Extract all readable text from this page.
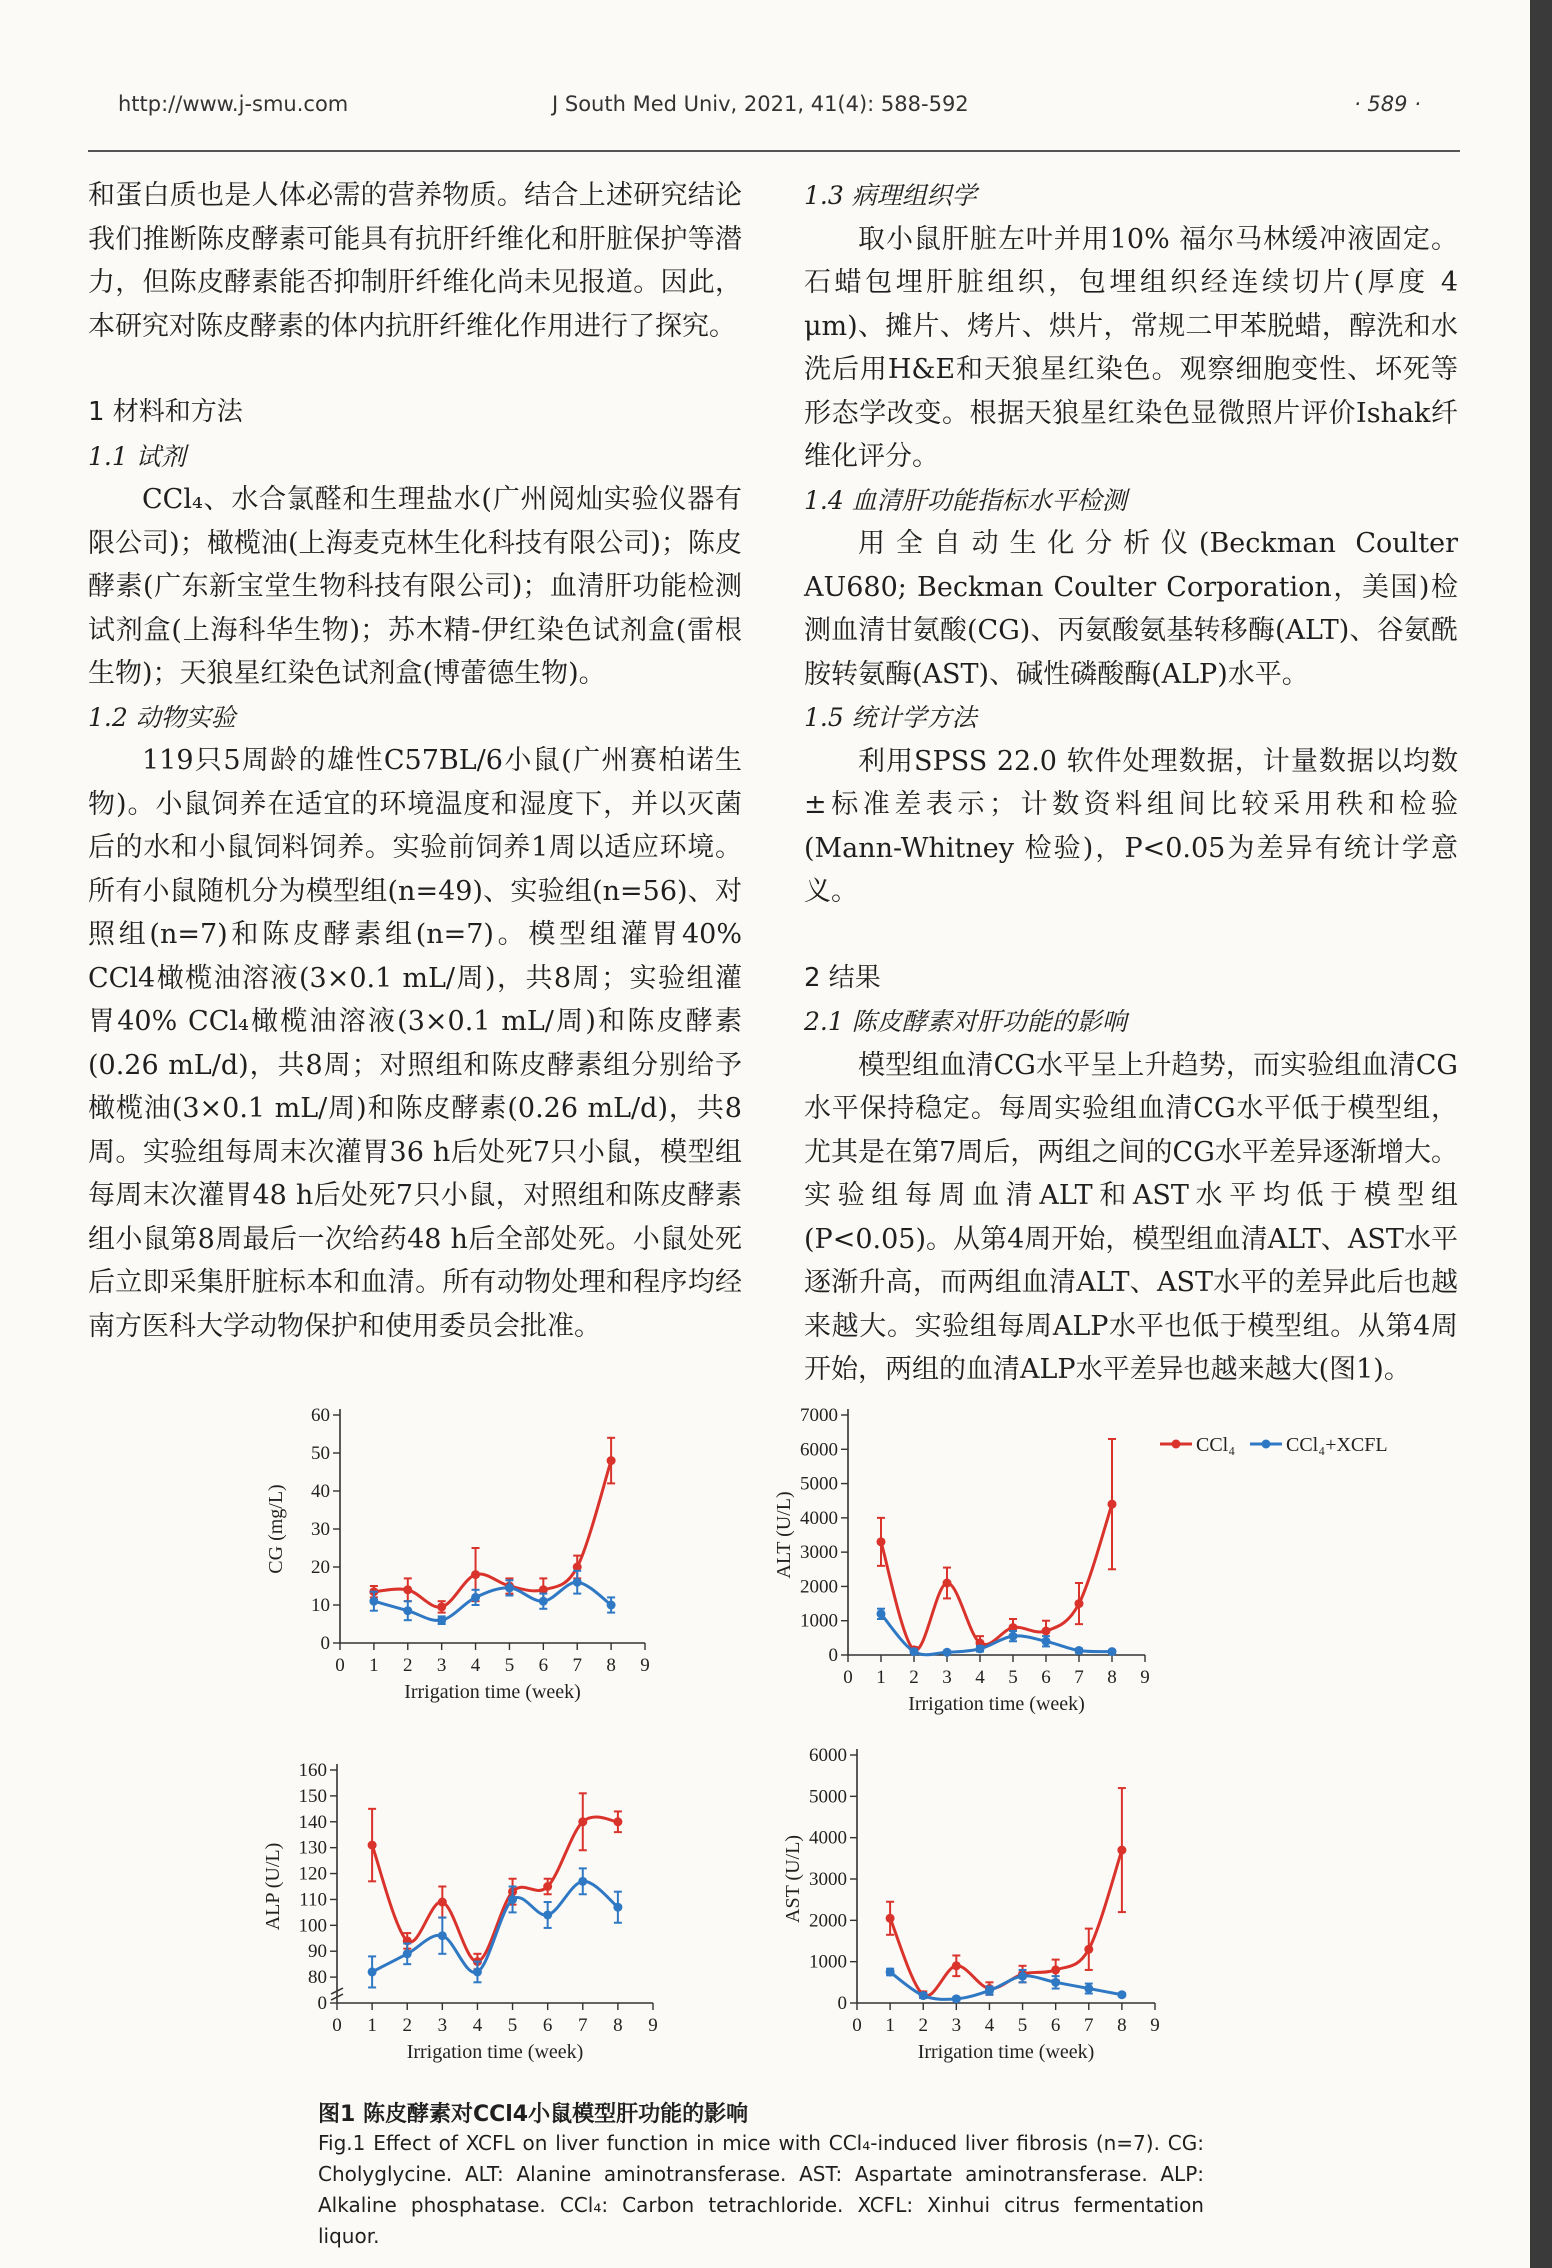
http://www.j-smu.com	J South Med Univ, 2021, 41(4): 588-592	· 589 ·

和蛋白质也是人体必需的营养物质。结合上述研究结论我们推断陈皮酵素可能具有抗肝纤维化和肝脏保护等潜力，但陈皮酵素能否抑制肝纤维化尚未见报道。因此，本研究对陈皮酵素的体内抗肝纤维化作用进行了探究。

1 材料和方法
1.1 试剂

CCl₄、水合氯醛和生理盐水(广州阅灿实验仪器有限公司)；橄榄油(上海麦克林生化科技有限公司)；陈皮酵素(广东新宝堂生物科技有限公司)；血清肝功能检测试剂盒(上海科华生物)；苏木精-伊红染色试剂盒(雷根生物)；天狼星红染色试剂盒(博蕾德生物)。

1.2 动物实验

119只5周龄的雄性C57BL/6小鼠(广州赛柏诺生物)。小鼠饲养在适宜的环境温度和湿度下，并以灭菌后的水和小鼠饲料饲养。实验前饲养1周以适应环境。所有小鼠随机分为模型组(n=49)、实验组(n=56)、对照组(n=7)和陈皮酵素组(n=7)。模型组灌胃40% CCl4橄榄油溶液(3×0.1 mL/周)，共8周；实验组灌胃40% CCl₄橄榄油溶液(3×0.1 mL/周)和陈皮酵素(0.26 mL/d)，共8周；对照组和陈皮酵素组分别给予橄榄油(3×0.1 mL/周)和陈皮酵素(0.26 mL/d)，共8周。实验组每周末次灌胃36 h后处死7只小鼠，模型组每周末次灌胃48 h后处死7只小鼠，对照组和陈皮酵素组小鼠第8周最后一次给药48 h后全部处死。小鼠处死后立即采集肝脏标本和血清。所有动物处理和程序均经南方医科大学动物保护和使用委员会批准。

1.3 病理组织学

取小鼠肝脏左叶并用10% 福尔马林缓冲液固定。石蜡包埋肝脏组织，包埋组织经连续切片(厚度 4 μm)、摊片、烤片、烘片，常规二甲苯脱蜡，醇洗和水洗后用H&E和天狼星红染色。观察细胞变性、坏死等形态学改变。根据天狼星红染色显微照片评价Ishak纤维化评分。

1.4 血清肝功能指标水平检测

用全自动生化分析仪(Beckman Coulter AU680; Beckman Coulter Corporation，美国)检测血清甘氨酸(CG)、丙氨酸氨基转移酶(ALT)、谷氨酰胺转氨酶(AST)、碱性磷酸酶(ALP)水平。

1.5 统计学方法

利用SPSS 22.0 软件处理数据，计量数据以均数±标准差表示；计数资料组间比较采用秩和检验(Mann-Whitney 检验)，P<0.05为差异有统计学意义。

2 结果
2.1 陈皮酵素对肝功能的影响

模型组血清CG水平呈上升趋势，而实验组血清CG水平保持稳定。每周实验组血清CG水平低于模型组，尤其是在第7周后，两组之间的CG水平差异逐渐增大。实验组每周血清ALT和AST水平均低于模型组(P<0.05)。从第4周开始，模型组血清ALT、AST水平逐渐升高，而两组血清ALT、AST水平的差异此后也越来越大。实验组每周ALP水平也低于模型组。从第4周开始，两组的血清ALP水平差异也越来越大(图1)。

0
10
20
30
40
50
60
0 1 2 3 4 5 6 7 8 9
Irrigation time (week)
CG (mg/L)
0
1000
2000
3000
4000
5000
6000
7000
0 1 2 3 4 5 6 7 8 9
Irrigation time (week)
ALT (U/L)
0
80
90
100
110
120
130
140
150
160
0 1 2 3 4 5 6 7 8 9
Irrigation time (week)
ALP (U/L)
0
1000
2000
3000
4000
5000
6000
0 1 2 3 4 5 6 7 8 9
Irrigation time (week)
AST (U/L)
CCl₄	CCl₄+XCFL
图1 陈皮酵素对CCl4小鼠模型肝功能的影响
Fig.1 Effect of XCFL on liver function in mice with CCl₄-induced liver fibrosis (n=7). CG: Cholyglycine. ALT: Alanine aminotransferase. AST: Aspartate aminotransferase. ALP: Alkaline phosphatase. CCl₄: Carbon tetrachloride. XCFL: Xinhui citrus fermentation liquor.
